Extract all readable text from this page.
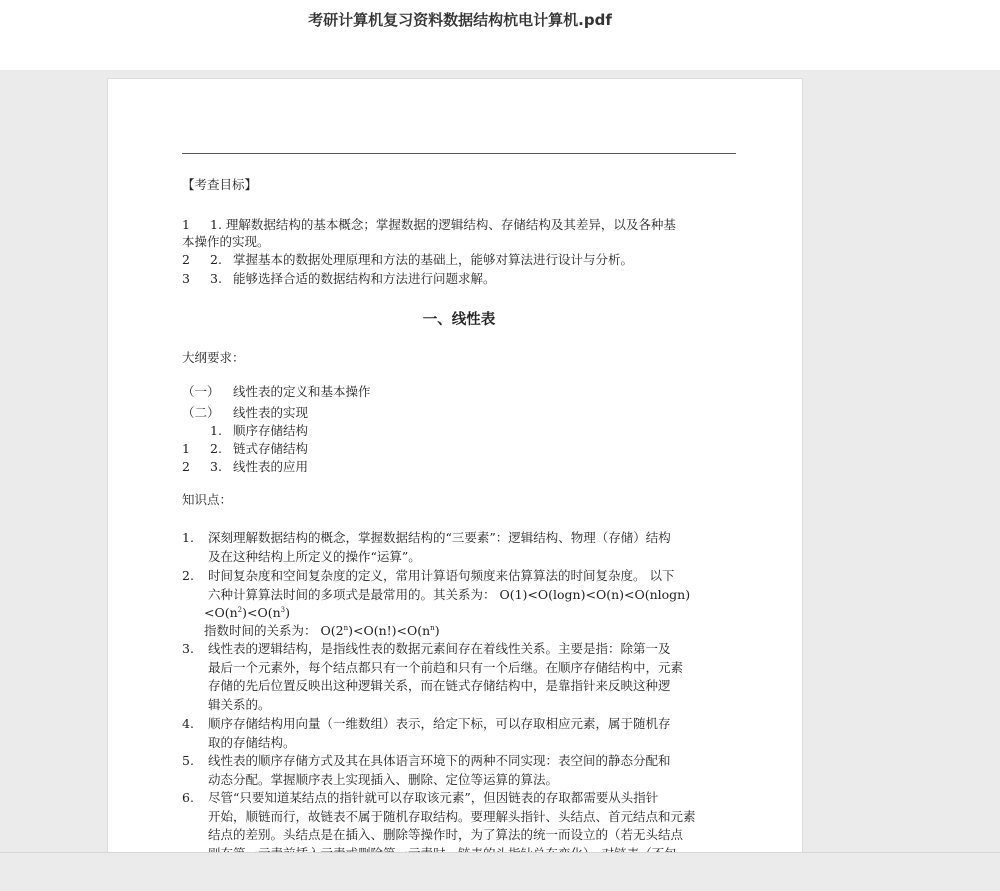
考研计算机复习资料数据结构杭电计算机.pdf
【考查目标】
1	1. 理解数据结构的基本概念；掌握数据的逻辑结构、存储结构及其差异，以及各种基
本操作的实现。
2 2. 掌握基本的数据处理原理和方法的基础上，能够对算法进行设计与分析。
3 3. 能够选择合适的数据结构和方法进行问题求解。
一、线性表
大纲要求：
（一） 线性表的定义和基本操作
（二） 线性表的实现
1. 顺序存储结构
1 2. 链式存储结构
2 3. 线性表的应用
知识点：
1. 深刻理解数据结构的概念，掌握数据结构的“三要素”：逻辑结构、物理（存储）结构
及在这种结构上所定义的操作“运算”。
2. 时间复杂度和空间复杂度的定义，常用计算语句频度来估算算法的时间复杂度。 以下
六种计算算法时间的多项式是最常用的。其关系为： O(1)<O(logn)<O(n)<O(nlogn)
$<O(n^2)<O(n^3)$
指数时间的关系为： $O(2^n)<O(n!)<O(n^n)$
3. 线性表的逻辑结构，是指线性表的数据元素间存在着线性关系。主要是指：除第一及
最后一个元素外，每个结点都只有一个前趋和只有一个后继。在顺序存储结构中，元素
存储的先后位置反映出这种逻辑关系，而在链式存储结构中，是靠指针来反映这种逻
辑关系的。
4. 顺序存储结构用向量（一维数组）表示，给定下标，可以存取相应元素，属于随机存
取的存储结构。
5. 线性表的顺序存储方式及其在具体语言环境下的两种不同实现：表空间的静态分配和
动态分配。掌握顺序表上实现插入、删除、定位等运算的算法。
6. 尽管“只要知道某结点的指针就可以存取该元素”，但因链表的存取都需要从头指针
开始，顺链而行，故链表不属于随机存取结构。要理解头指针、头结点、首元结点和元素
结点的差别。头结点是在插入、删除等操作时，为了算法的统一而设立的（若无头结点
